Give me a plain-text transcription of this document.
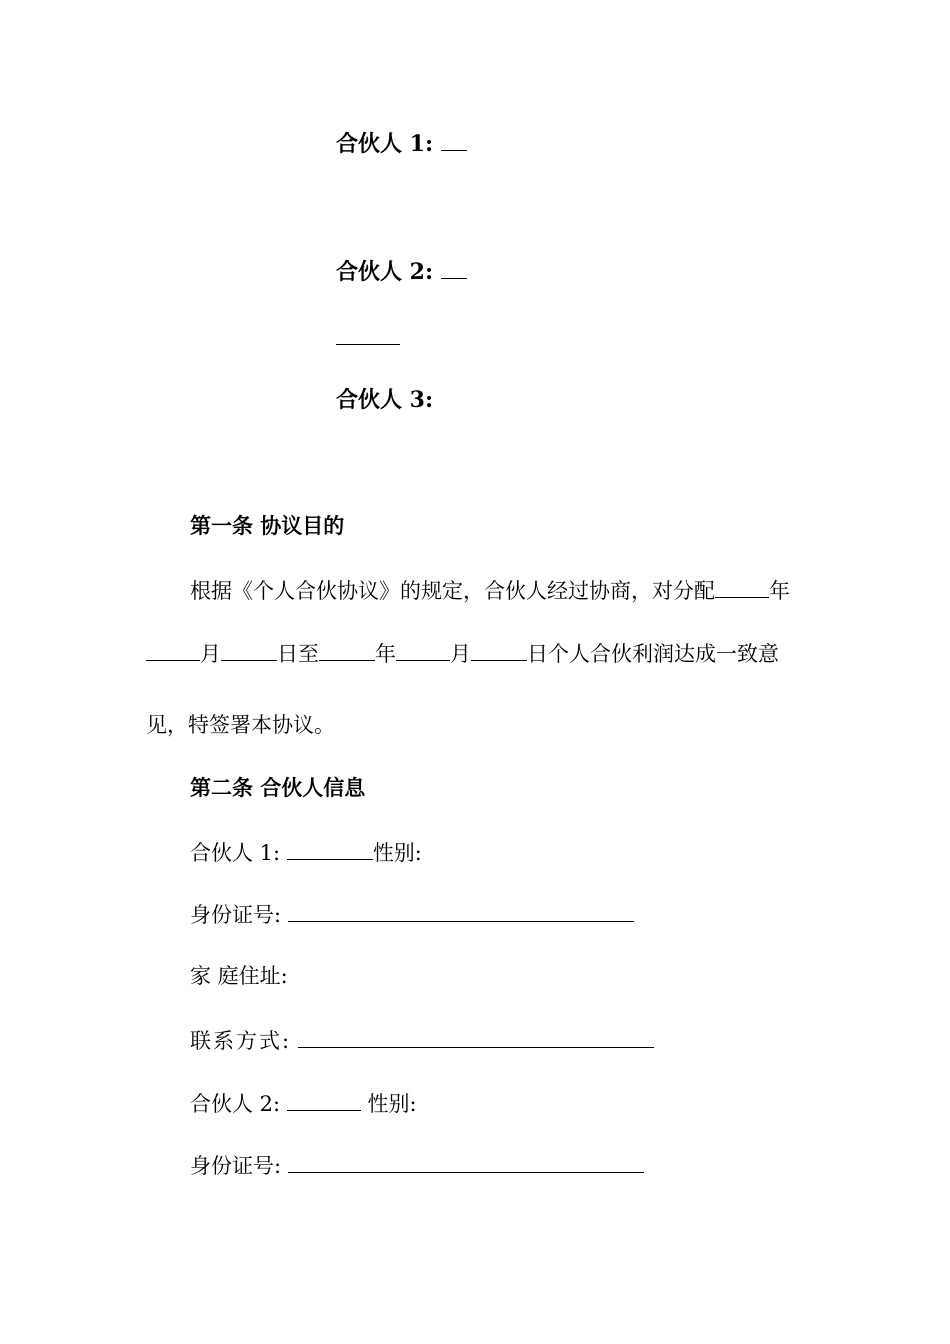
合伙人 1:
合伙人 2:
合伙人 3:
第一条 协议目的
根据《个人合伙协议》的规定，合伙人经过协商，对分配	年
月	日至	年	月	日个人合伙利润达成一致意
见，特签署本协议。
第二条 合伙人信息
合伙人 1:	性别:
身份证号:
家 庭住址:
联系方式:
合伙人 2:	性别:
身份证号:
